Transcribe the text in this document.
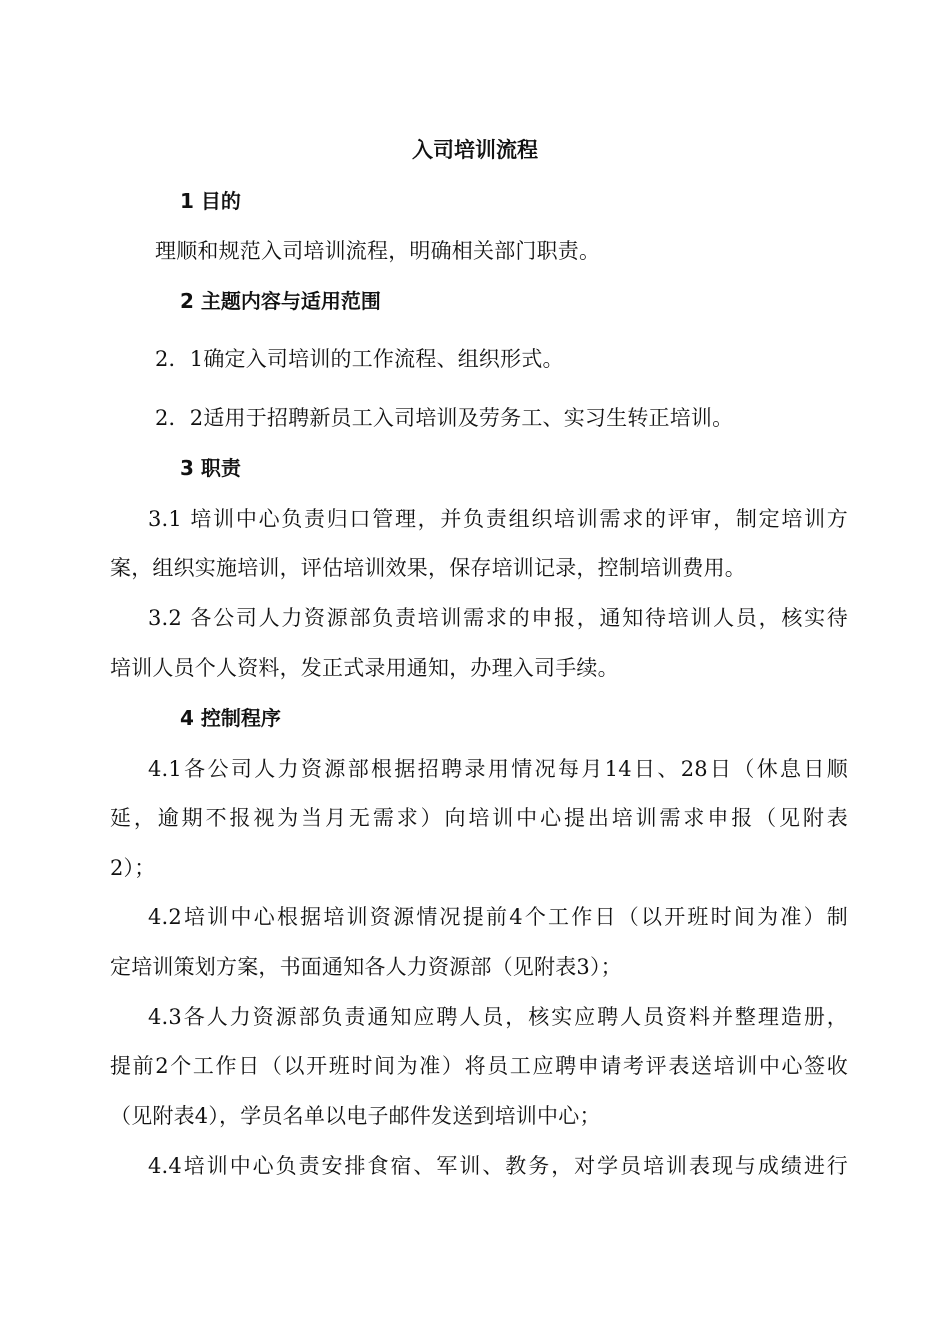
入司培训流程
1 目的
理顺和规范入司培训流程，明确相关部门职责。
2 主题内容与适用范围
2．1确定入司培训的工作流程、组织形式。
2．2适用于招聘新员工入司培训及劳务工、实习生转正培训。
3 职责
3.1 培训中心负责归口管理，并负责组织培训需求的评审，制定培训方
案，组织实施培训，评估培训效果，保存培训记录，控制培训费用。
3.2 各公司人力资源部负责培训需求的申报，通知待培训人员，核实待
培训人员个人资料，发正式录用通知，办理入司手续。
4 控制程序
4.1各公司人力资源部根据招聘录用情况每月14日、28日（休息日顺
延，逾期不报视为当月无需求）向培训中心提出培训需求申报（见附表
2）；
4.2培训中心根据培训资源情况提前4个工作日（以开班时间为准）制
定培训策划方案，书面通知各人力资源部（见附表3）；
4.3各人力资源部负责通知应聘人员，核实应聘人员资料并整理造册，
提前2个工作日（以开班时间为准）将员工应聘申请考评表送培训中心签收
（见附表4），学员名单以电子邮件发送到培训中心；
4.4培训中心负责安排食宿、军训、教务，对学员培训表现与成绩进行
